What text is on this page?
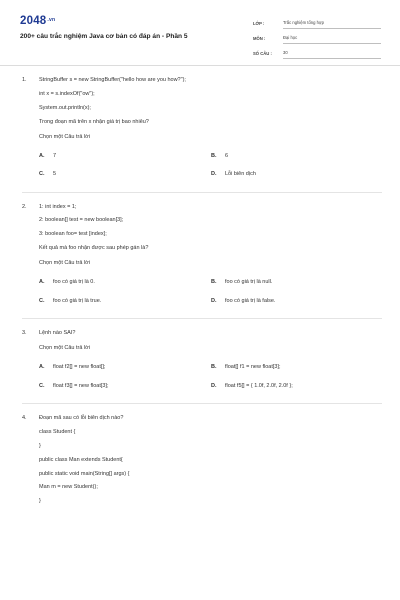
$2048^{.vn}$
200+ câu trắc nghiệm Java cơ bản có đáp án - Phần 5
LỚP :	Trắc nghiệm tổng hợp
MÔN :	Đại học
SỐ CÂU :	30
1.	StringBuffer s = new StringBuffer("hello how are you how?");
int x = s.indexOf("ow");
System.out.println(x);
Trong đoạn mã trên x nhận giá trị bao nhiêu?
Chọn một Câu trả lời
A.	7	B.	6
C.	5	D.	Lỗi biên dịch
2.	1: int index = 1;
2: boolean[] test = new boolean[3];
3: boolean foo= test [index];
Kết quả mà foo nhận được sau phép gán là?
Chọn một Câu trả lời
A.	foo có giá trị là 0.	B.	foo có giá trị là null.
C.	foo có giá trị là true.	D.	foo có giá trị là false.
3.	Lệnh nào SAI?
Chọn một Câu trả lời
A.	float f2[] = new float[];	B.	float[] f1 = new float[3];
C.	float f3[] = new float[3];	D.	float f5[] = { 1.0f, 2.0f, 2.0f };
4.	Đoạn mã sau có lỗi biên dịch nào?
class Student {
}
public class Man extends Student{
public static void main(String[] args) {
Man m = new Student();
}
